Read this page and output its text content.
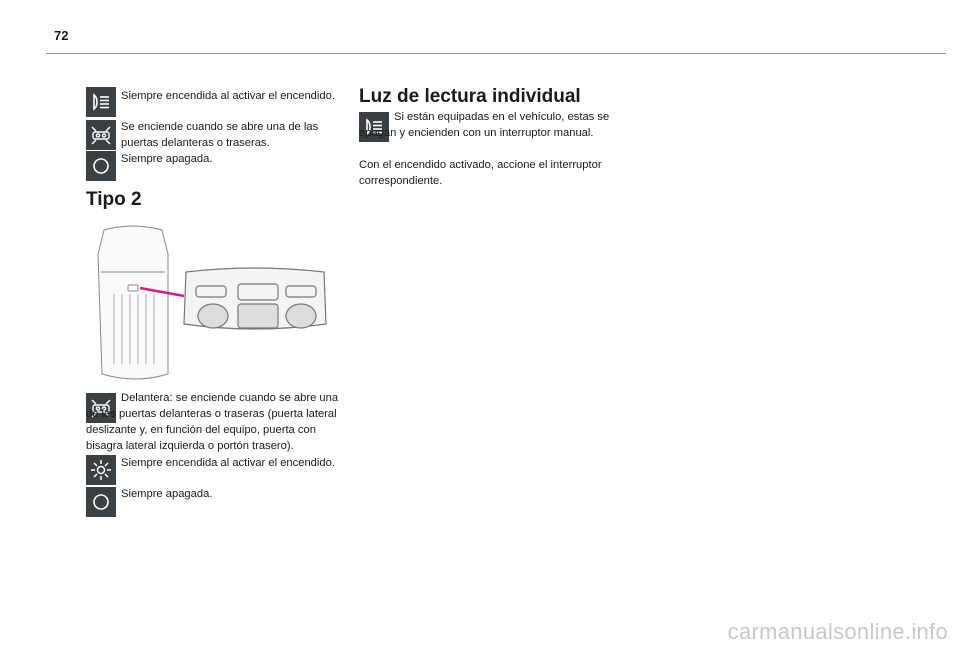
72
Siempre encendida al activar el encendido.
Se enciende cuando se abre una de las puertas delanteras o traseras.
Siempre apagada.
Tipo 2
Delantera: se enciende cuando se abre una de las puertas delanteras o traseras (puerta lateral deslizante y, en función del equipo, puerta con bisagra lateral izquierda o portón trasero).
Siempre encendida al activar el encendido.
Siempre apagada.
Luz de lectura individual
Si están equipadas en el vehículo, estas se apagan y encienden con un interruptor manual.
Con el encendido activado, accione el interruptor correspondiente.
carmanualsonline.info
